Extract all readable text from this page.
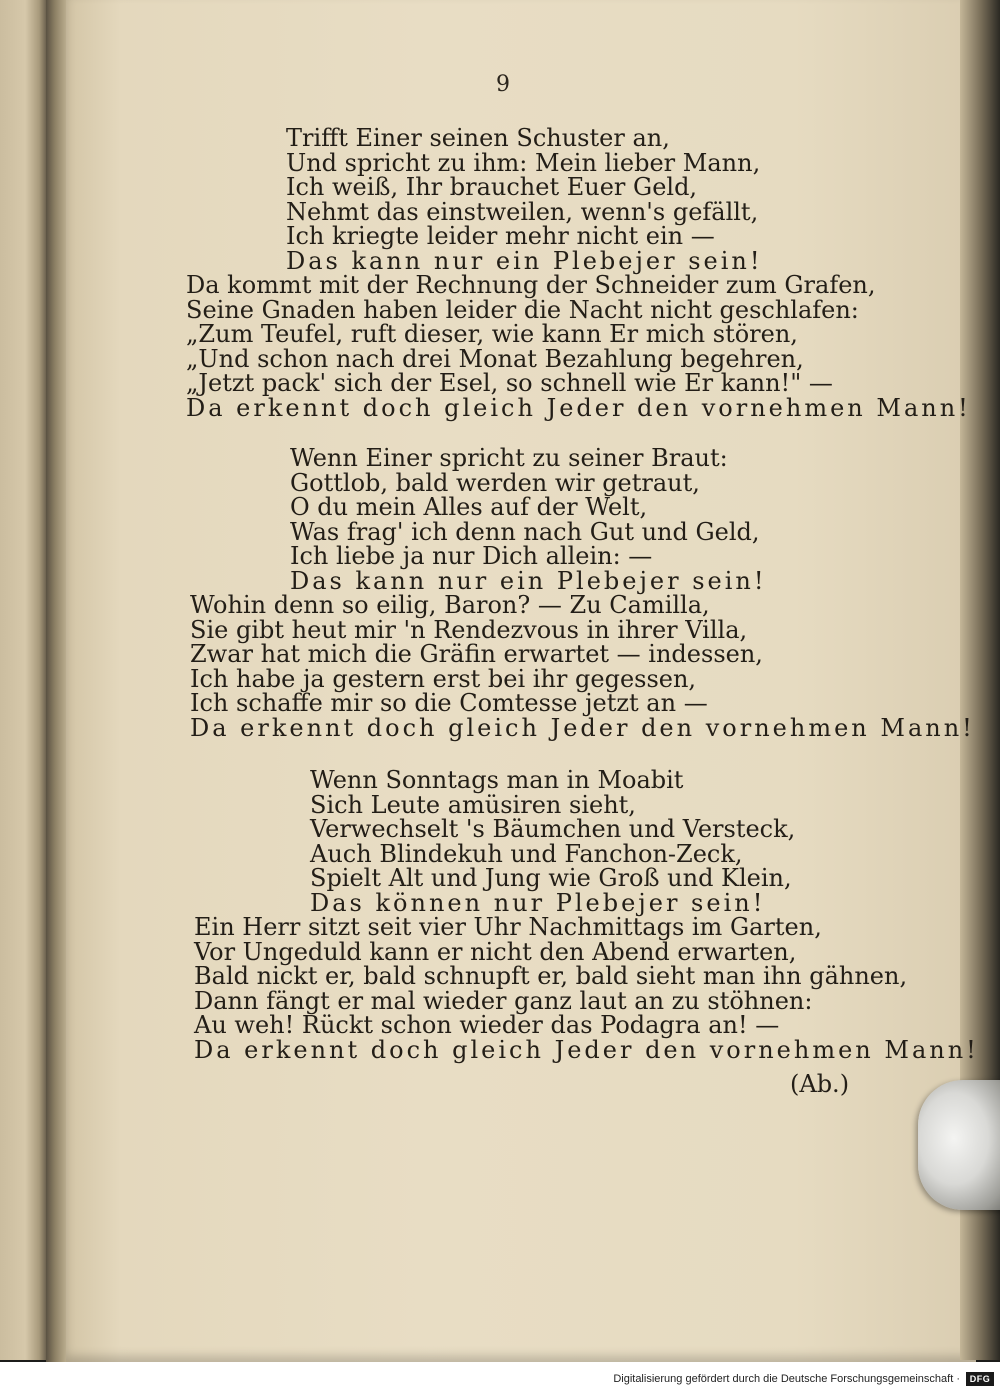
9
Trifft Einer seinen Schuster an,
Und spricht zu ihm: Mein lieber Mann,
Ich weiß, Ihr brauchet Euer Geld,
Nehmt das einstweilen, wenn's gefällt,
Ich kriegte leider mehr nicht ein —
Das kann nur ein Plebejer sein!
Da kommt mit der Rechnung der Schneider zum Grafen,
Seine Gnaden haben leider die Nacht nicht geschlafen:
„Zum Teufel, ruft dieser, wie kann Er mich stören,
„Und schon nach drei Monat Bezahlung begehren,
„Jetzt pack' sich der Esel, so schnell wie Er kann!" —
Da erkennt doch gleich Jeder den vornehmen Mann!
Wenn Einer spricht zu seiner Braut:
Gottlob, bald werden wir getraut,
O du mein Alles auf der Welt,
Was frag' ich denn nach Gut und Geld,
Ich liebe ja nur Dich allein: —
Das kann nur ein Plebejer sein!
Wohin denn so eilig, Baron? — Zu Camilla,
Sie gibt heut mir 'n Rendezvous in ihrer Villa,
Zwar hat mich die Gräfin erwartet — indessen,
Ich habe ja gestern erst bei ihr gegessen,
Ich schaffe mir so die Comtesse jetzt an —
Da erkennt doch gleich Jeder den vornehmen Mann!
Wenn Sonntags man in Moabit
Sich Leute amüsiren sieht,
Verwechselt 's Bäumchen und Versteck,
Auch Blindekuh und Fanchon-Zeck,
Spielt Alt und Jung wie Groß und Klein,
Das können nur Plebejer sein!
Ein Herr sitzt seit vier Uhr Nachmittags im Garten,
Vor Ungeduld kann er nicht den Abend erwarten,
Bald nickt er, bald schnupft er, bald sieht man ihn gähnen,
Dann fängt er mal wieder ganz laut an zu stöhnen:
Au weh! Rückt schon wieder das Podagra an! —
Da erkennt doch gleich Jeder den vornehmen Mann!
(Ab.)
Digitalisierung gefördert durch die Deutsche Forschungsgemeinschaft ·	DFG
